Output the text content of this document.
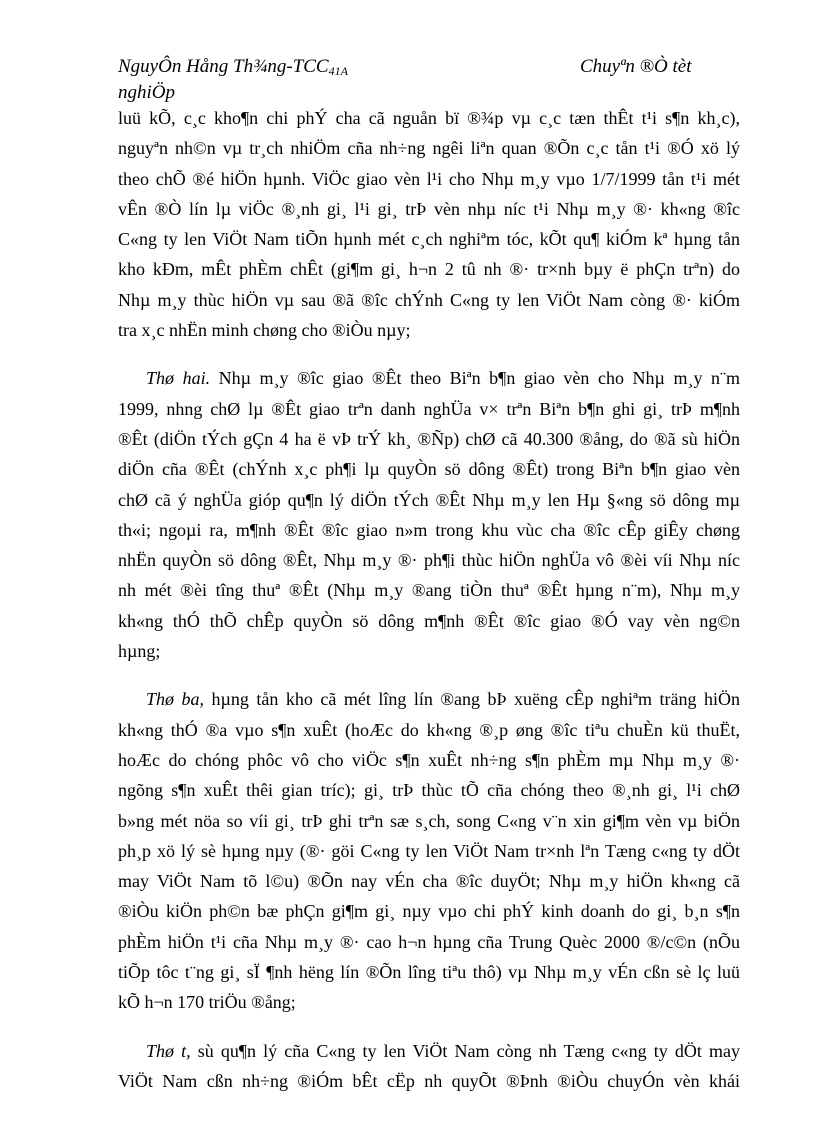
NguyÔn Hång Th¾ng-$TCC_{41A}$	Chuyªn ®Ò tèt
nghiÖp
luü kÕ, c¸c kho¶n chi phÝ cha cã nguån bï ®¾p vµ c¸c tæn thÊt t¹i s¶n kh¸c),
nguyªn nh©n vµ tr¸ch nhiÖm cña nh÷ng ngêi liªn quan ®Õn c¸c tån t¹i ®Ó xö lý
theo chÕ ®é hiÖn hµnh. ViÖc giao vèn l¹i cho Nhµ m¸y vµo 1/7/1999 tån t¹i mét
vÊn ®Ò lín lµ viÖc ®¸nh gi¸ l¹i gi¸ trÞ vèn nhµ níc t¹i Nhµ m¸y ®· kh«ng ®îc
C«ng ty len ViÖt Nam tiÕn hµnh mét c¸ch nghiªm tóc, kÕt qu¶ kiÓm kª hµng tån
kho kÐm, mÊt phÈm chÊt (gi¶m gi¸ h¬n 2 tû nh ®· tr×nh bµy ë phÇn trªn) do
Nhµ m¸y thùc hiÖn vµ sau ®ã ®îc chÝnh C«ng ty len ViÖt Nam còng ®· kiÓm
tra x¸c nhËn minh chøng cho ®iÒu nµy;
Thø hai. Nhµ m¸y ®îc giao ®Êt theo Biªn b¶n giao vèn cho Nhµ m¸y n¨m
1999, nhng chØ lµ ®Êt giao trªn danh nghÜa v× trªn Biªn b¶n ghi gi¸ trÞ m¶nh
®Êt (diÖn tÝch gÇn 4 ha ë vÞ trÝ kh¸ ®Ñp) chØ cã 40.300 ®ång, do ®ã sù hiÖn
diÖn cña ®Êt (chÝnh x¸c ph¶i lµ quyÒn sö dông ®Êt) trong Biªn b¶n giao vèn
chØ cã ý nghÜa gióp qu¶n lý diÖn tÝch ®Êt Nhµ m¸y len Hµ §«ng sö dông mµ
th«i; ngoµi ra, m¶nh ®Êt ®îc giao n»m trong khu vùc cha ®îc cÊp giÊy chøng
nhËn quyÒn sö dông ®Êt, Nhµ m¸y ®· ph¶i thùc hiÖn nghÜa vô ®èi víi Nhµ níc
nh mét ®èi tîng thuª ®Êt (Nhµ m¸y ®ang tiÒn thuª ®Êt hµng n¨m), Nhµ m¸y
kh«ng thÓ thÕ chÊp quyÒn sö dông m¶nh ®Êt ®îc giao ®Ó vay vèn ng©n
hµng;
Thø ba, hµng tån kho cã mét lîng lín ®ang bÞ xuëng cÊp nghiªm träng hiÖn
kh«ng thÓ ®a vµo s¶n xuÊt (hoÆc do kh«ng ®¸p øng ®îc tiªu chuÈn kü thuËt,
hoÆc do chóng phôc vô cho viÖc s¶n xuÊt nh÷ng s¶n phÈm mµ Nhµ m¸y ®·
ngõng s¶n xuÊt thêi gian tríc); gi¸ trÞ thùc tÕ cña chóng theo ®¸nh gi¸ l¹i chØ
b»ng mét nöa so víi gi¸ trÞ ghi trªn sæ s¸ch, song C«ng v¨n xin gi¶m vèn vµ biÖn
ph¸p xö lý sè hµng nµy (®· göi C«ng ty len ViÖt Nam tr×nh lªn Tæng c«ng ty dÖt
may ViÖt Nam tõ l©u) ®Õn nay vÉn cha ®îc duyÖt; Nhµ m¸y hiÖn kh«ng cã
®iÒu kiÖn ph©n bæ phÇn gi¶m gi¸ nµy vµo chi phÝ kinh doanh do gi¸ b¸n s¶n
phÈm hiÖn t¹i cña Nhµ m¸y ®· cao h¬n hµng cña Trung Quèc 2000 ®/c©n (nÕu
tiÕp tôc t¨ng gi¸ sÏ ¶nh hëng lín ®Õn lîng tiªu thô) vµ Nhµ m¸y vÉn cßn sè lç luü
kÕ h¬n 170 triÖu ®ång;
Thø t, sù qu¶n lý cña C«ng ty len ViÖt Nam còng nh Tæng c«ng ty dÖt may
ViÖt Nam cßn nh÷ng ®iÓm bÊt cËp nh quyÕt ®Þnh ®iÒu chuyÓn vèn khái
